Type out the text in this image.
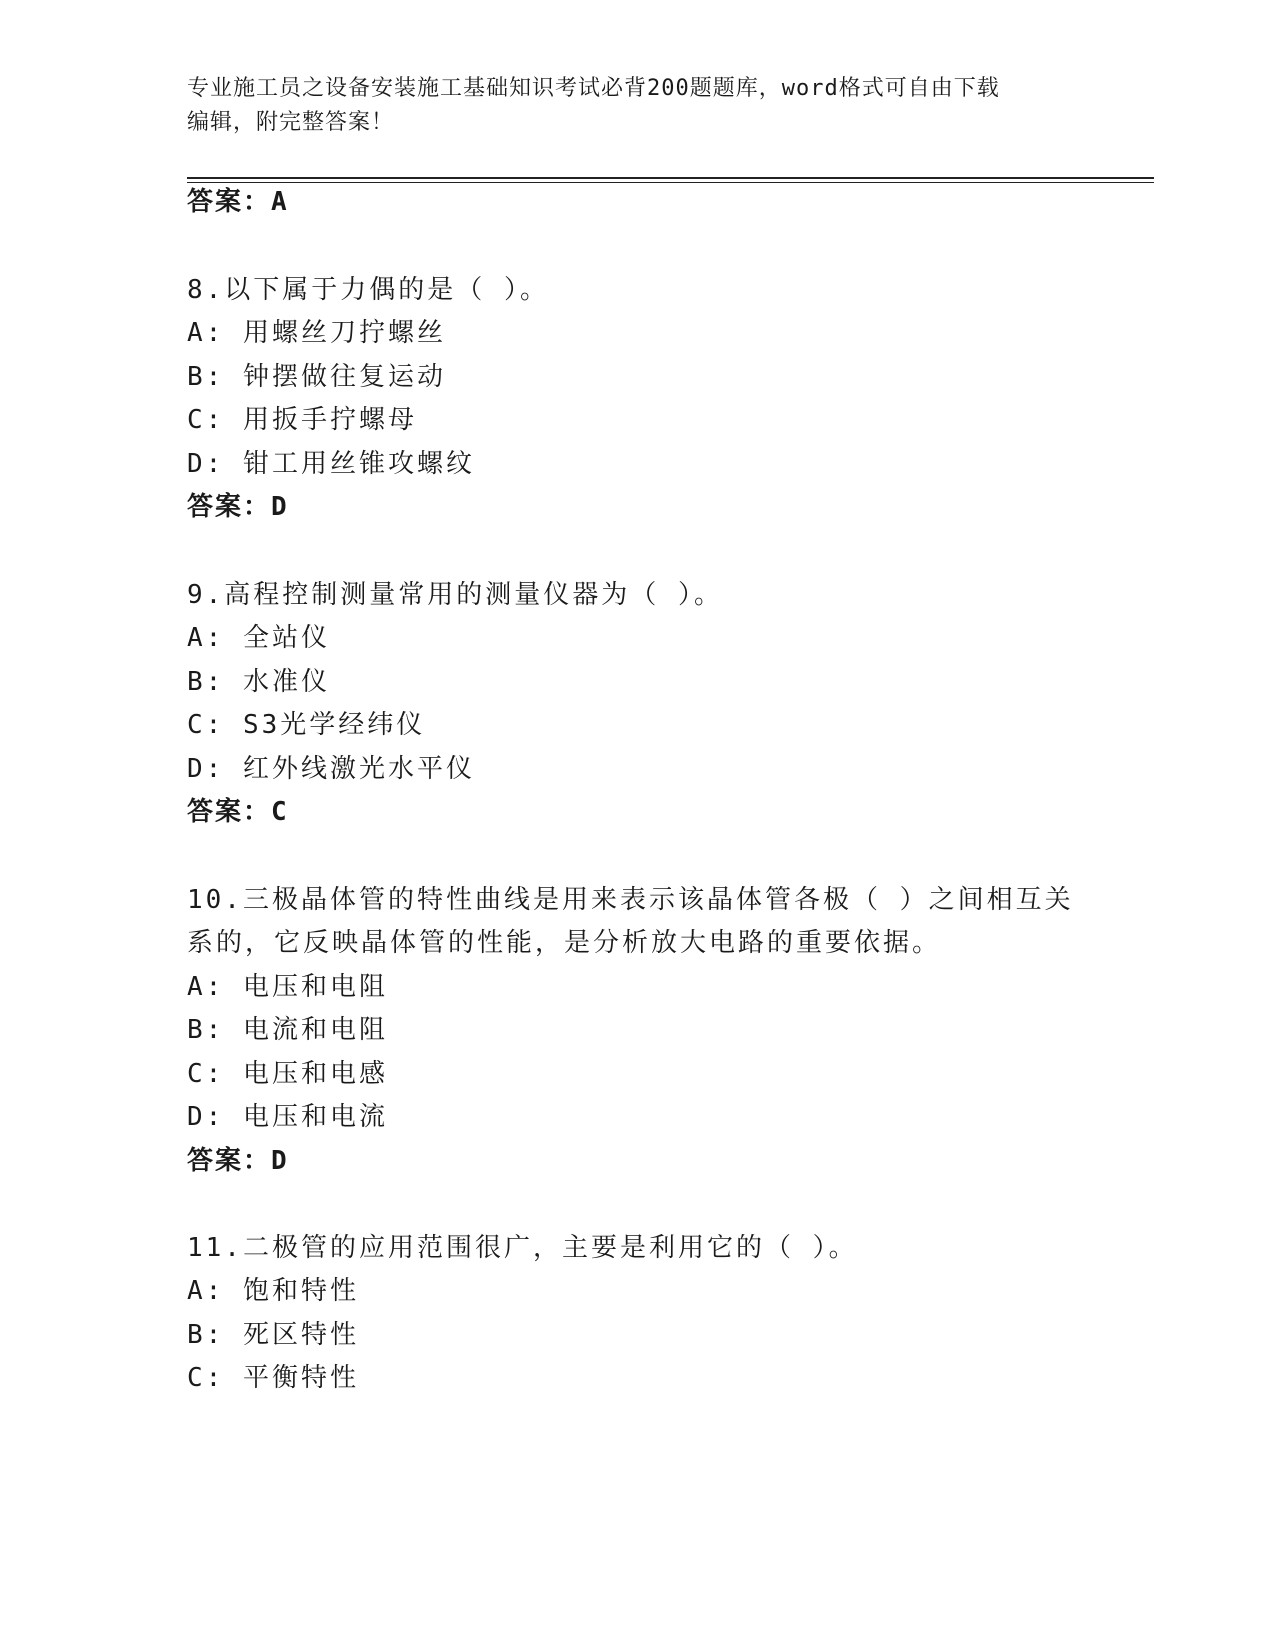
专业施工员之设备安装施工基础知识考试必背200题题库，word格式可自由下载
编辑，附完整答案！
答案：A
8.以下属于力偶的是（ ）。
A: 用螺丝刀拧螺丝
B: 钟摆做往复运动
C: 用扳手拧螺母
D: 钳工用丝锥攻螺纹
答案：D
9.高程控制测量常用的测量仪器为（ ）。
A: 全站仪
B: 水准仪
C: S3光学经纬仪
D: 红外线激光水平仪
答案：C
10.三极晶体管的特性曲线是用来表示该晶体管各极（ ）之间相互关
系的，它反映晶体管的性能，是分析放大电路的重要依据。
A: 电压和电阻
B: 电流和电阻
C: 电压和电感
D: 电压和电流
答案：D
11.二极管的应用范围很广，主要是利用它的（ ）。
A: 饱和特性
B: 死区特性
C: 平衡特性
